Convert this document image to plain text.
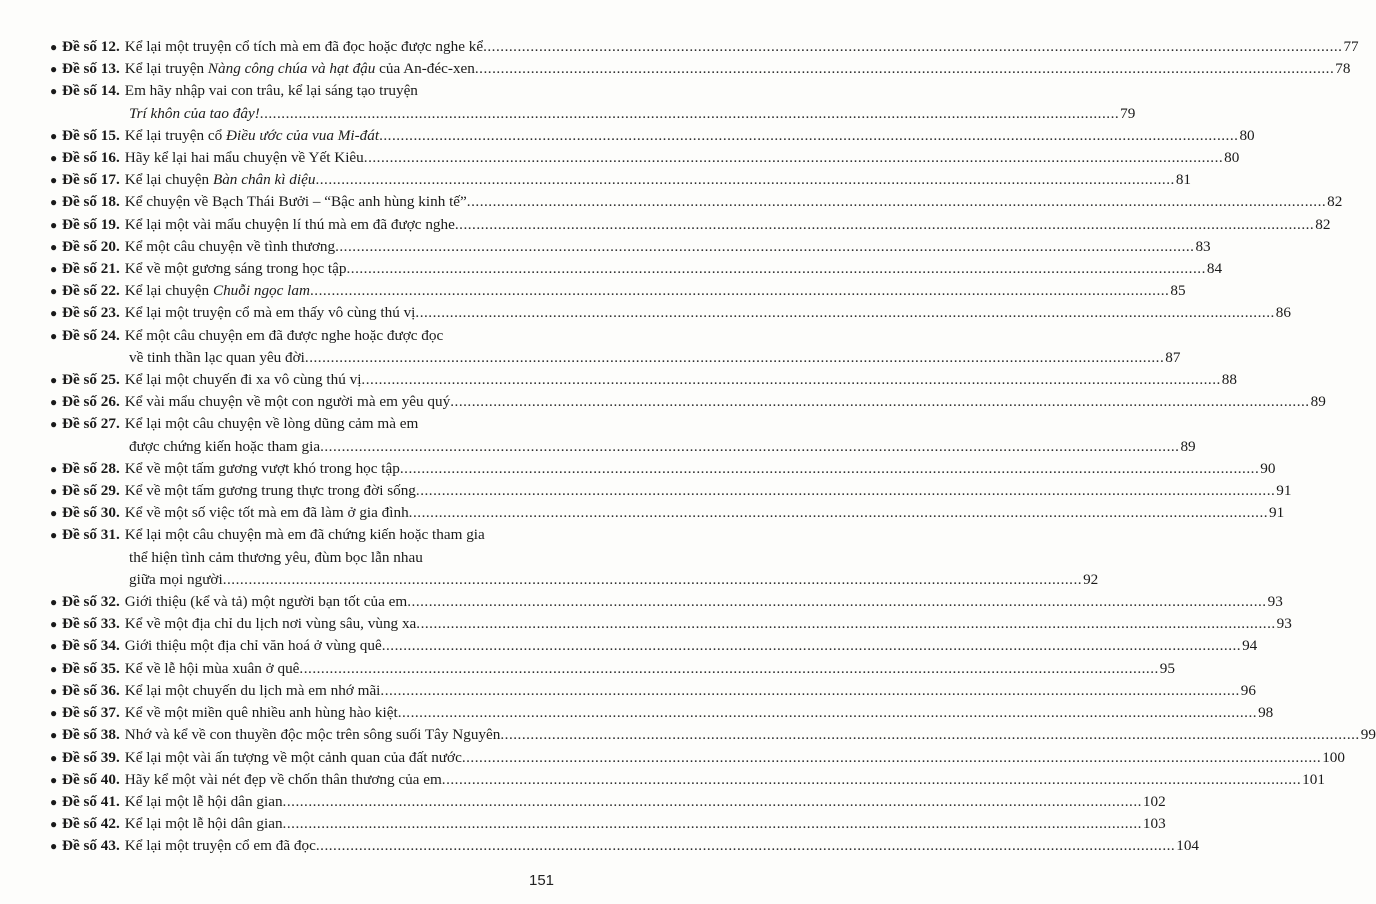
● Đề số 12. Kể lại một truyện cổ tích mà em đã đọc hoặc được nghe kể ........................................................................................................................................................................................................ 77
● Đề số 13. Kể lại truyện Nàng công chúa và hạt đậu của An-đéc-xen ........................................................................................................................................................................................................ 78
● Đề số 14. Em hãy nhập vai con trâu, kể lại sáng tạo truyện
Trí khôn của tao đây! ........................................................................................................................................................................................................ 79
● Đề số 15. Kể lại truyện cổ Điều ước của vua Mi-đát ........................................................................................................................................................................................................ 80
● Đề số 16. Hãy kể lại hai mẩu chuyện về Yết Kiêu ........................................................................................................................................................................................................ 80
● Đề số 17. Kể lại chuyện Bàn chân kì diệu ........................................................................................................................................................................................................ 81
● Đề số 18. Kể chuyện về Bạch Thái Bưởi – “Bậc anh hùng kinh tế” ........................................................................................................................................................................................................ 82
● Đề số 19. Kể lại một vài mẩu chuyện lí thú mà em đã được nghe ........................................................................................................................................................................................................ 82
● Đề số 20. Kể một câu chuyện về tình thương ........................................................................................................................................................................................................ 83
● Đề số 21. Kể về một gương sáng trong học tập ........................................................................................................................................................................................................ 84
● Đề số 22. Kể lại chuyện Chuỗi ngọc lam ........................................................................................................................................................................................................ 85
● Đề số 23. Kể lại một truyện cổ mà em thấy vô cùng thú vị ........................................................................................................................................................................................................ 86
● Đề số 24. Kể một câu chuyện em đã được nghe hoặc được đọc
về tinh thần lạc quan yêu đời ........................................................................................................................................................................................................ 87
● Đề số 25. Kể lại một chuyến đi xa vô cùng thú vị ........................................................................................................................................................................................................ 88
● Đề số 26. Kể vài mẩu chuyện về một con người mà em yêu quý ........................................................................................................................................................................................................ 89
● Đề số 27. Kể lại một câu chuyện về lòng dũng cảm mà em
được chứng kiến hoặc tham gia ........................................................................................................................................................................................................ 89
● Đề số 28. Kể về một tấm gương vượt khó trong học tập ........................................................................................................................................................................................................ 90
● Đề số 29. Kể về một tấm gương trung thực trong đời sống ........................................................................................................................................................................................................ 91
● Đề số 30. Kể về một số việc tốt mà em đã làm ở gia đình ........................................................................................................................................................................................................ 91
● Đề số 31. Kể lại một câu chuyện mà em đã chứng kiến hoặc tham gia
thể hiện tình cảm thương yêu, đùm bọc lẫn nhau
giữa mọi người ........................................................................................................................................................................................................ 92
● Đề số 32. Giới thiệu (kể và tả) một người bạn tốt của em ........................................................................................................................................................................................................ 93
● Đề số 33. Kể về một địa chỉ du lịch nơi vùng sâu, vùng xa ........................................................................................................................................................................................................ 93
● Đề số 34. Giới thiệu một địa chỉ văn hoá ở vùng quê ........................................................................................................................................................................................................ 94
● Đề số 35. Kể về lễ hội mùa xuân ở quê ........................................................................................................................................................................................................ 95
● Đề số 36. Kể lại một chuyến du lịch mà em nhớ mãi ........................................................................................................................................................................................................ 96
● Đề số 37. Kể về một miền quê nhiều anh hùng hào kiệt ........................................................................................................................................................................................................ 98
● Đề số 38. Nhớ và kể về con thuyền độc mộc trên sông suối Tây Nguyên ........................................................................................................................................................................................................ 99
● Đề số 39. Kể lại một vài ấn tượng về một cảnh quan của đất nước ........................................................................................................................................................................................................ 100
● Đề số 40. Hãy kể một vài nét đẹp về chốn thân thương của em ........................................................................................................................................................................................................ 101
● Đề số 41. Kể lại một lễ hội dân gian ........................................................................................................................................................................................................ 102
● Đề số 42. Kể lại một lễ hội dân gian ........................................................................................................................................................................................................ 103
● Đề số 43. Kể lại một truyện cổ em đã đọc ........................................................................................................................................................................................................ 104
151
